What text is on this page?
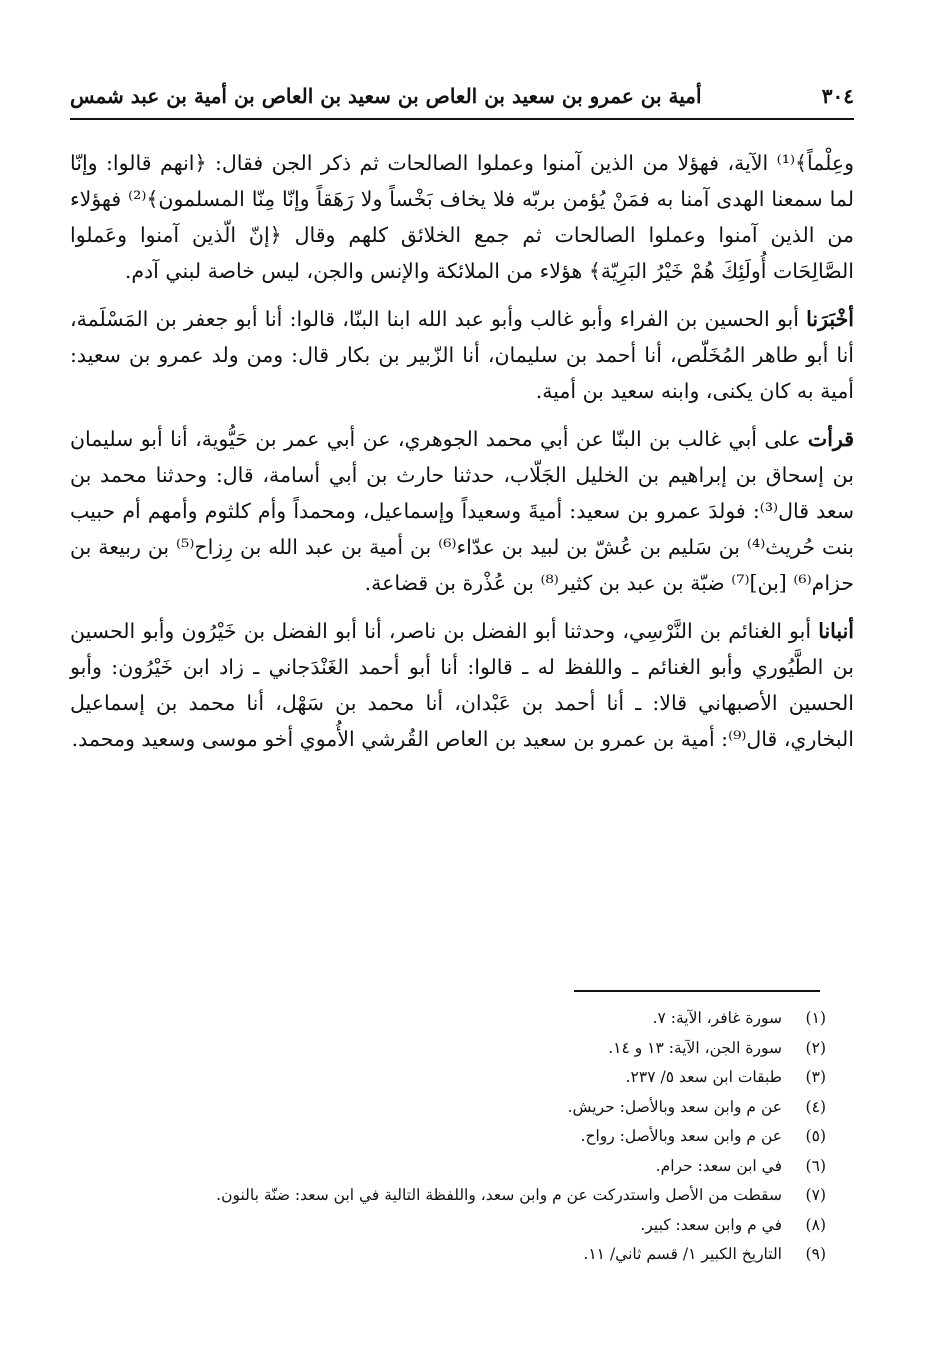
٣٠٤
أمية بن عمرو بن سعيد بن العاص بن سعيد بن العاص بن أمية بن عبد شمس

وعِلْماً﴾⁽¹⁾ الآية، فهؤلا من الذين آمنوا وعملوا الصالحات ثم ذكر الجن فقال: ﴿انهم قالوا: وإنّا لما سمعنا الهدى آمنا به فمَنْ يُؤمن بربّه فلا يخاف بَخْساً ولا رَهَقاً وإنّا مِنّا المسلمون﴾⁽²⁾ فهؤلاء من الذين آمنوا وعملوا الصالحات ثم جمع الخلائق كلهم وقال ﴿إنّ الّذين آمنوا وعَملوا الصَّالِحَات أُولَئِكَ هُمْ خَيْرُ البَرِيّة﴾ هؤلاء من الملائكة والإنس والجن، ليس خاصة لبني آدم.

أخْبَرَنا أبو الحسين بن الفراء وأبو غالب وأبو عبد الله ابنا البنّا، قالوا: أنا أبو جعفر بن المَسْلَمة، أنا أبو طاهر المُخَلّص، أنا أحمد بن سليمان، أنا الزّبير بن بكار قال: ومن ولد عمرو بن سعيد: أمية به كان يكنى، وابنه سعيد بن أمية.

قرأت على أبي غالب بن البنّا عن أبي محمد الجوهري، عن أبي عمر بن حَيُّوية، أنا أبو سليمان بن إسحاق بن إبراهيم بن الخليل الجَلّاب، حدثنا حارث بن أبي أسامة، قال: وحدثنا محمد بن سعد قال⁽³⁾: فولدَ عمرو بن سعيد: أميةَ وسعيداً وإسماعيل، ومحمداً وأم كلثوم وأمهم أم حبيب بنت حُريث⁽⁴⁾ بن سَليم بن عُشّ بن لبيد بن عدّاء⁽⁶⁾ بن أمية بن عبد الله بن رِزاح⁽⁵⁾ بن ربيعة بن حزام⁽⁶⁾ [بن]⁽⁷⁾ ضبّة بن عبد بن كثير⁽⁸⁾ بن عُذْرة بن قضاعة.

أنبانا أبو الغنائم بن النَّرْسِي، وحدثنا أبو الفضل بن ناصر، أنا أبو الفضل بن خَيْرُون وأبو الحسين بن الطَّيُوري وأبو الغنائم ـ واللفظ له ـ قالوا: أنا أبو أحمد الغَنْدَجاني ـ زاد ابن خَيْرُون: وأبو الحسين الأصبهاني قالا: ـ أنا أحمد بن عَبْدان، أنا محمد بن سَهْل، أنا محمد بن إسماعيل البخاري، قال⁽⁹⁾: أمية بن عمرو بن سعيد بن العاص القُرشي الأُموي أخو موسى وسعيد ومحمد.

(١)
سورة غافر، الآية: ٧.
(٢)
سورة الجن، الآية: ١٣ و ١٤.
(٣)
طبقات ابن سعد ٥/ ٢٣٧.
(٤)
عن م وابن سعد وبالأصل: حريش.
(٥)
عن م وابن سعد وبالأصل: رواح.
(٦)
في ابن سعد: حرام.
(٧)
سقطت من الأصل واستدركت عن م وابن سعد، واللفظة التالية في ابن سعد: ضنّة بالنون.
(٨)
في م وابن سعد: كبير.
(٩)
التاريخ الكبير ١/ قسم ثاني/ ١١.
